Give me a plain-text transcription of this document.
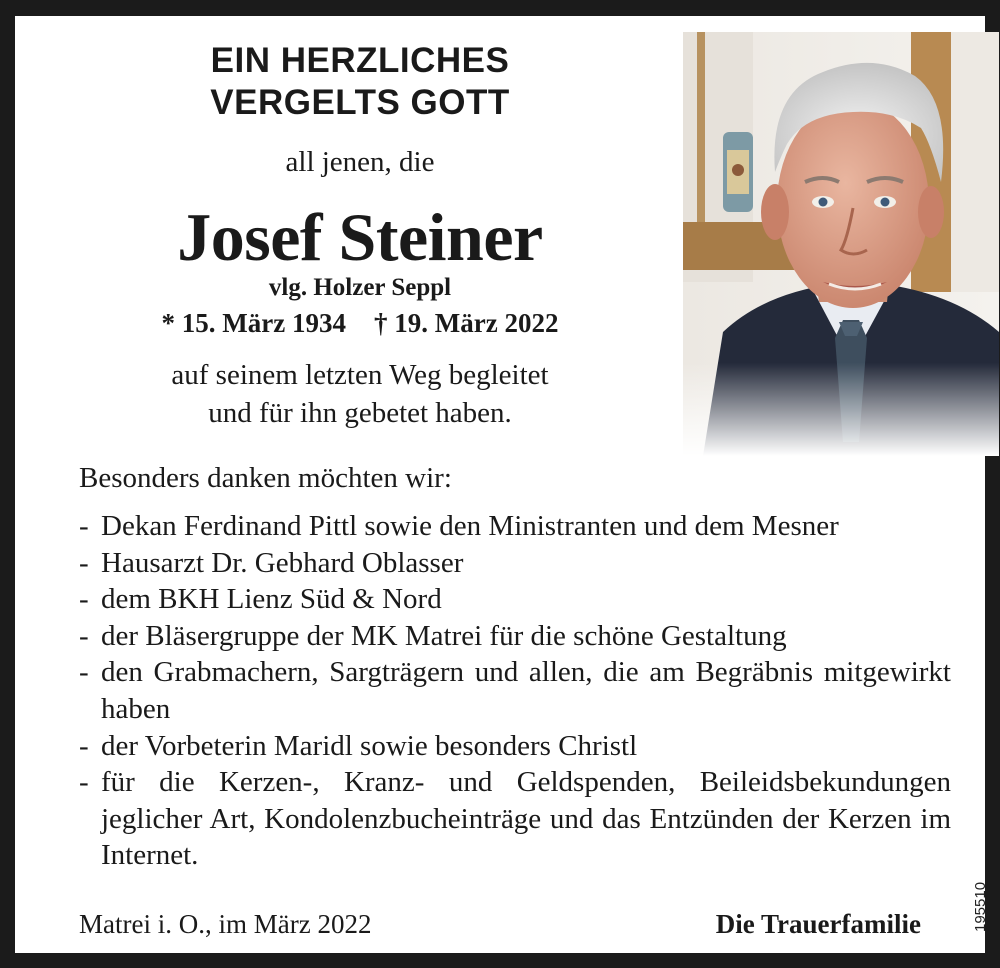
EIN HERZLICHES
VERGELTS GOTT
all jenen, die
Josef Steiner
vlg. Holzer Seppl
* 15. März 1934 † 19. März 2022
auf seinem letzten Weg begleitet
und für ihn gebetet haben.
Besonders danken möchten wir:
- Dekan Ferdinand Pittl sowie den Ministranten und dem Mesner
- Hausarzt Dr. Gebhard Oblasser
- dem BKH Lienz Süd & Nord
- der Bläsergruppe der MK Matrei für die schöne Gestaltung
- den Grabmachern, Sargträgern und allen, die am Begräbnis mitgewirkt haben
- der Vorbeterin Maridl sowie besonders Christl
- für die Kerzen-, Kranz- und Geldspenden, Beileidsbekundungen jeglicher Art, Kondolenzbucheinträge und das Entzünden der Kerzen im Internet.
Matrei i. O., im März 2022	Die Trauerfamilie	195510
